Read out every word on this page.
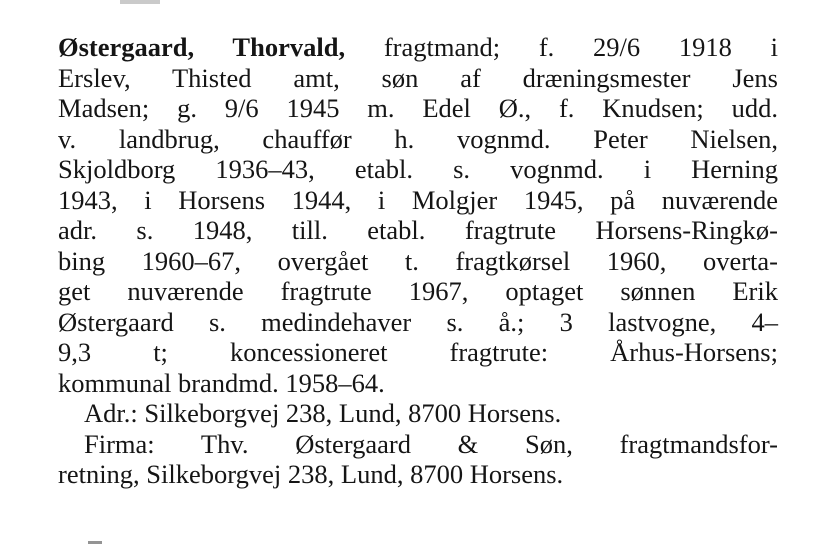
Østergaard, Thorvald, fragtmand; f. 29/6 1918 i
Erslev, Thisted amt, søn af dræningsmester Jens
Madsen; g. 9/6 1945 m. Edel Ø., f. Knudsen; udd.
v. landbrug, chauffør h. vognmd. Peter Nielsen,
Skjoldborg 1936–43, etabl. s. vognmd. i Herning
1943, i Horsens 1944, i Molgjer 1945, på nuværende
adr. s. 1948, till. etabl. fragtrute Horsens-Ringkø-
bing 1960–67, overgået t. fragtkørsel 1960, overta-
get nuværende fragtrute 1967, optaget sønnen Erik
Østergaard s. medindehaver s. å.; 3 lastvogne, 4–
9,3 t; koncessioneret fragtrute: Århus-Horsens;
kommunal brandmd. 1958–64.
Adr.: Silkeborgvej 238, Lund, 8700 Horsens.
Firma: Thv. Østergaard & Søn, fragtmandsfor-
retning, Silkeborgvej 238, Lund, 8700 Horsens.
